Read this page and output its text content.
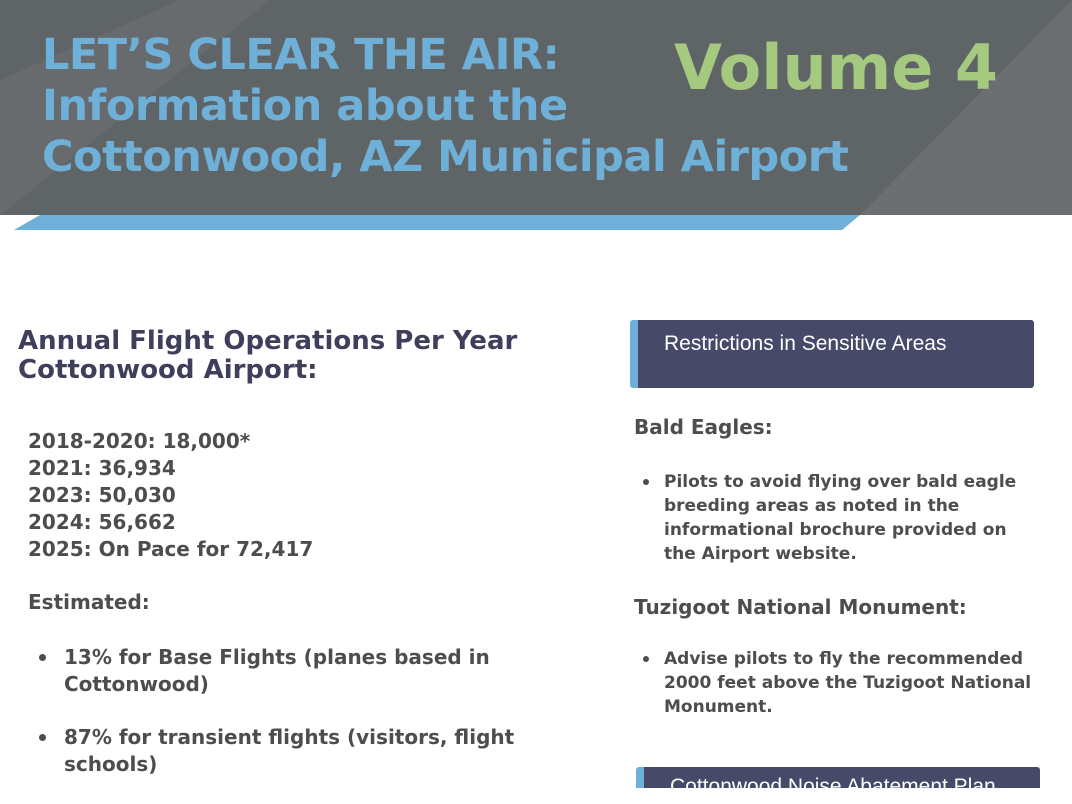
LET’S CLEAR THE AIR:
Information about the
Cottonwood, AZ Municipal Airport
Volume 4
Annual Flight Operations Per Year
Cottonwood Airport:
2018-2020: 18,000*
2021: 36,934
2023: 50,030
2024: 56,662
2025: On Pace for 72,417
Estimated:
13% for Base Flights (planes based in Cottonwood)
87% for transient flights (visitors, flight schools)
Restrictions in Sensitive Areas
Bald Eagles:
Pilots to avoid flying over bald eagle breeding areas as noted in the informational brochure provided on the Airport website.
Tuzigoot National Monument:
Advise pilots to fly the recommended 2000 feet above the Tuzigoot National Monument.
Cottonwood Noise Abatement Plan
